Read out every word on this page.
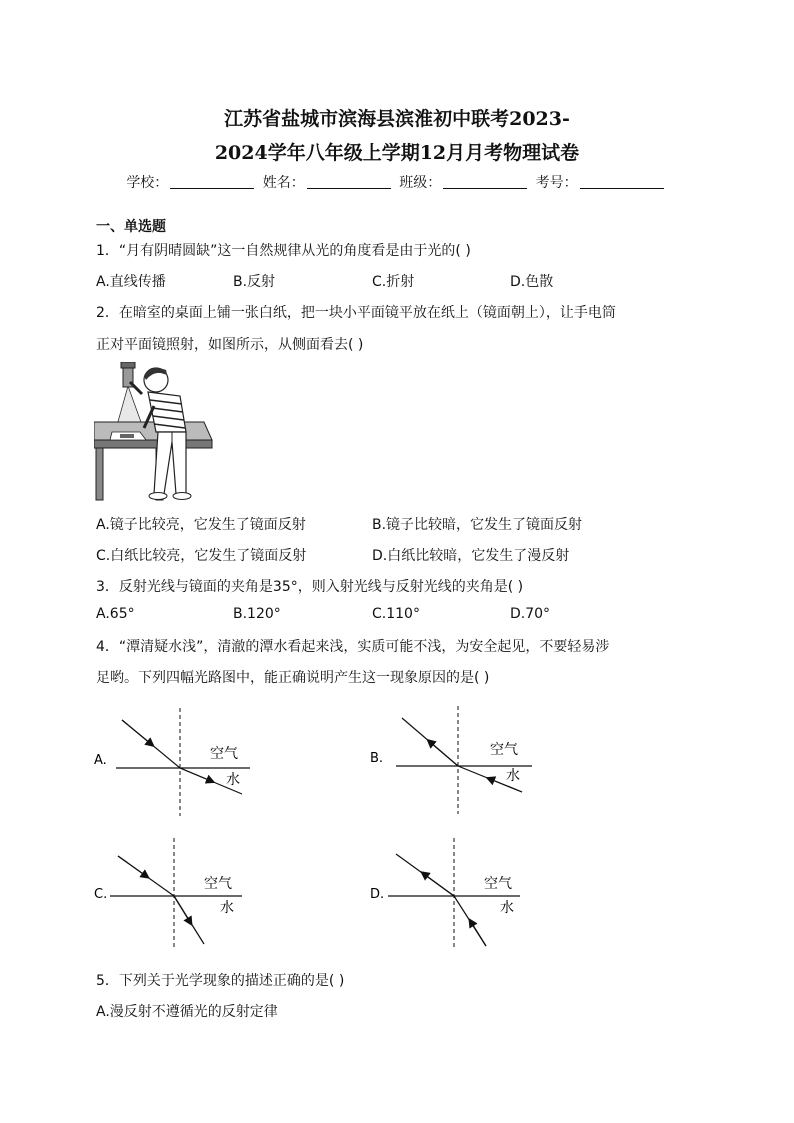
江苏省盐城市滨海县滨淮初中联考2023-
2024学年八年级上学期12月月考物理试卷
学校：	姓名：	班级：	考号：
一、单选题
1．“月有阴晴圆缺”这一自然规律从光的角度看是由于光的( )
A.直线传播	B.反射	C.折射	D.色散
2．在暗室的桌面上铺一张白纸，把一块小平面镜平放在纸上（镜面朝上），让手电筒
正对平面镜照射，如图所示，从侧面看去( )
A.镜子比较亮，它发生了镜面反射	B.镜子比较暗，它发生了镜面反射
C.白纸比较亮，它发生了镜面反射	D.白纸比较暗，它发生了漫反射
3．反射光线与镜面的夹角是35°，则入射光线与反射光线的夹角是( )
A.65°	B.120°	C.110°	D.70°
4．“潭清疑水浅”，清澈的潭水看起来浅，实质可能不浅，为安全起见，不要轻易涉
足哟。下列四幅光路图中，能正确说明产生这一现象原因的是( )
A.	空气
水
B.
空气
水
C.
空气
水
D.
空气
水
5．下列关于光学现象的描述正确的是( )
A.漫反射不遵循光的反射定律
